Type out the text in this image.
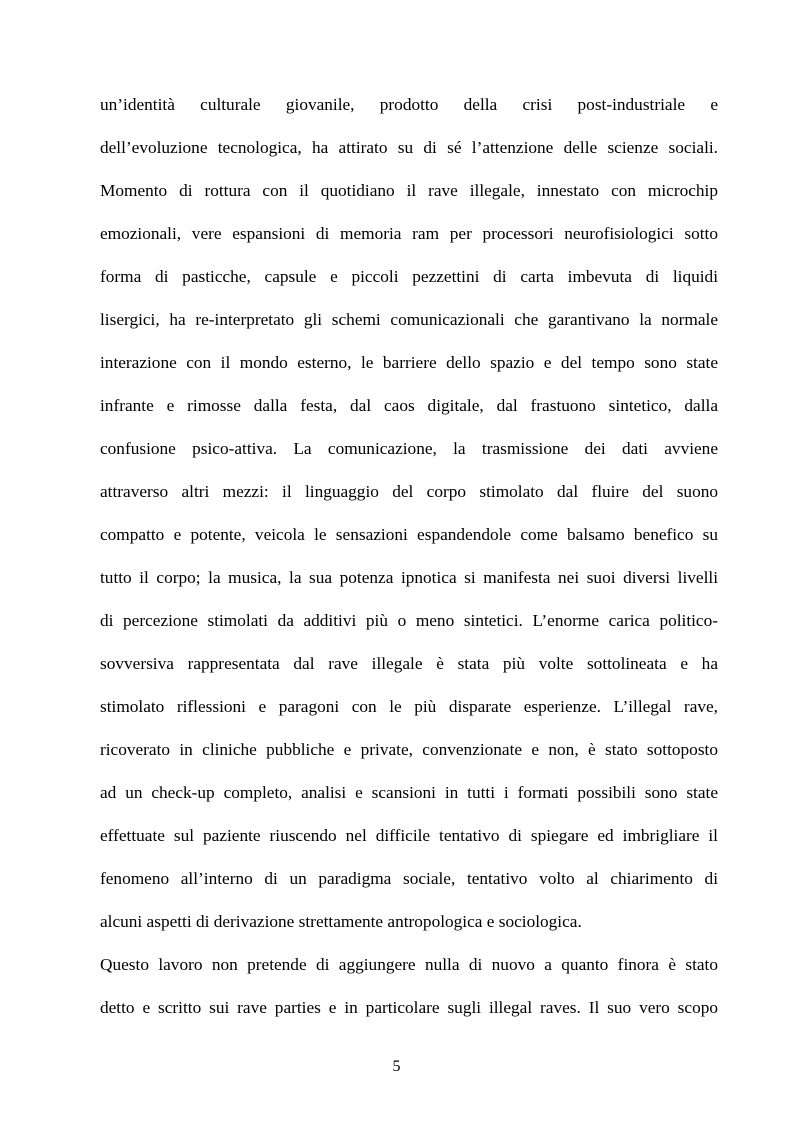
un’identità culturale giovanile, prodotto della crisi post-industriale e
dell’evoluzione tecnologica, ha attirato su di sé l’attenzione delle scienze sociali.
Momento di rottura con il quotidiano il rave illegale, innestato con microchip
emozionali, vere espansioni di memoria ram per processori neurofisiologici sotto
forma di pasticche, capsule e piccoli pezzettini di carta imbevuta di liquidi
lisergici, ha re-interpretato gli schemi comunicazionali che garantivano la normale
interazione con il mondo esterno, le barriere dello spazio e del tempo sono state
infrante e rimosse dalla festa, dal caos digitale, dal frastuono sintetico, dalla
confusione psico-attiva. La comunicazione, la trasmissione dei dati avviene
attraverso altri mezzi: il linguaggio del corpo stimolato dal fluire del suono
compatto e potente, veicola le sensazioni espandendole come balsamo benefico su
tutto il corpo; la musica, la sua potenza ipnotica si manifesta nei suoi diversi livelli
di percezione stimolati da additivi più o meno sintetici. L’enorme carica politico-
sovversiva rappresentata dal rave illegale è stata più volte sottolineata e ha
stimolato riflessioni e paragoni con le più disparate esperienze. L’illegal rave,
ricoverato in cliniche pubbliche e private, convenzionate e non, è stato sottoposto
ad un check-up completo, analisi e scansioni in tutti i formati possibili sono state
effettuate sul paziente riuscendo nel difficile tentativo di spiegare ed imbrigliare il
fenomeno all’interno di un paradigma sociale, tentativo volto al chiarimento di
alcuni aspetti di derivazione strettamente antropologica e sociologica.
Questo lavoro non pretende di aggiungere nulla di nuovo a quanto finora è stato
detto e scritto sui rave parties e in particolare sugli illegal raves. Il suo vero scopo
5
